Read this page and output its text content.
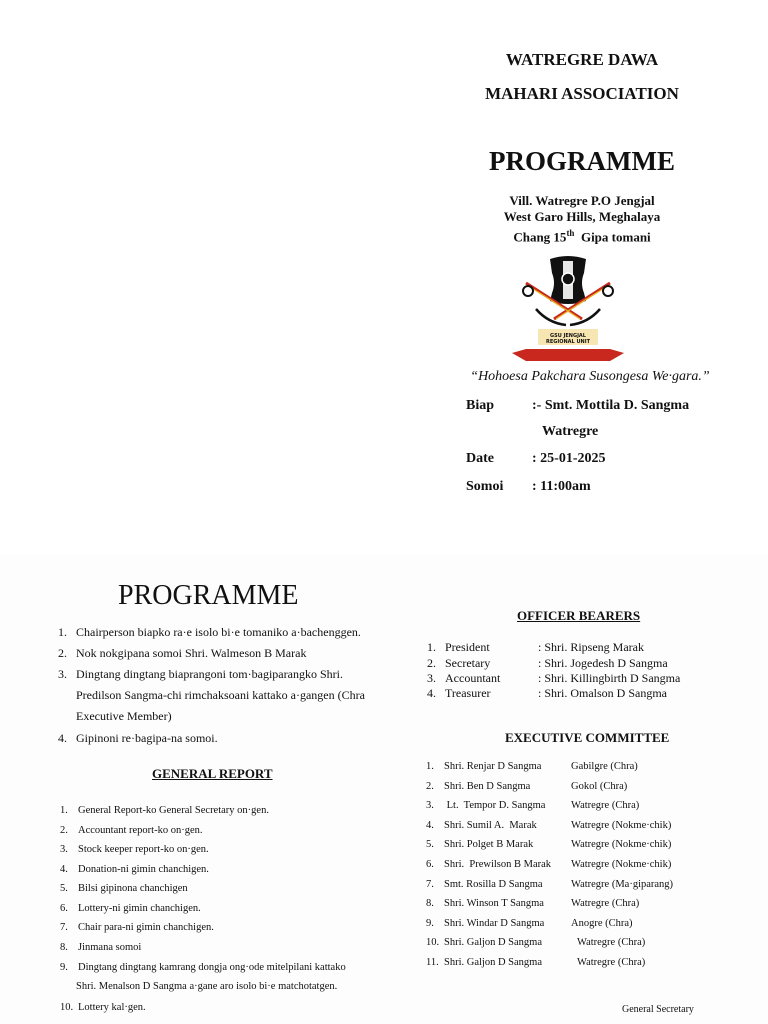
WATREGRE DAWA
MAHARI ASSOCIATION
PROGRAMME
Vill. Watregre P.O Jengjal
West Garo Hills, Meghalaya
Chang 15th  Gipa tomani
GSU JENGJAL
REGIONAL UNIT
“Hohoesa Pakchara Susongesa We·gara.”
Biap	:- Smt. Mottila D. Sangma
Watregre
Date	: 25-01-2025
Somoi : 11:00am
PROGRAMME
1. Chairperson biapko ra·e isolo bi·e tomaniko a·bachenggen.
2. Nok nokgipana somoi Shri. Walmeson B Marak
3. Dingtang dingtang biaprangoni tom·bagiparangko Shri.
Predilson Sangma-chi rimchaksoani kattako a·gangen (Chra
Executive Member)
4. Gipinoni re·bagipa-na somoi.
GENERAL REPORT
1. General Report-ko General Secretary on·gen.
2. Accountant report-ko on·gen.
3. Stock keeper report-ko on·gen.
4. Donation-ni gimin chanchigen.
5. Bilsi gipinona chanchigen
6. Lottery-ni gimin chanchigen.
7. Chair para-ni gimin chanchigen.
8. Jinmana somoi
9. Dingtang dingtang kamrang dongja ong·ode mitelpilani kattako
Shri. Menalson D Sangma a·gane aro isolo bi·e matchotatgen.
10. Lottery kal·gen.
OFFICER BEARERS
1. President	: Shri. Ripseng Marak
2. Secretary	: Shri. Jogedesh D Sangma
3. Accountant	: Shri. Killingbirth D Sangma
4. Treasurer	: Shri. Omalson D Sangma
EXECUTIVE COMMITTEE
1. Shri. Renjar D Sangma	Gabilgre (Chra)
2. Shri. Ben D Sangma	Gokol (Chra)
3. Lt.  Tempor D. Sangma Watregre (Chra)
4. Shri. Sumil A.  Marak	Watregre (Nokme·chik)
5. Shri. Polget B Marak	Watregre (Nokme·chik)
6. Shri.  Prewilson B Marak Watregre (Nokme·chik)
7. Smt. Rosilla D Sangma	Watregre (Ma·giparang)
8. Shri. Winson T Sangma	Watregre (Chra)
9. Shri. Windar D Sangma	Anogre (Chra)
10. Shri. Galjon D Sangma	Watregre (Chra)
11. Shri. Galjon D Sangma	Watregre (Chra)
General Secretary
